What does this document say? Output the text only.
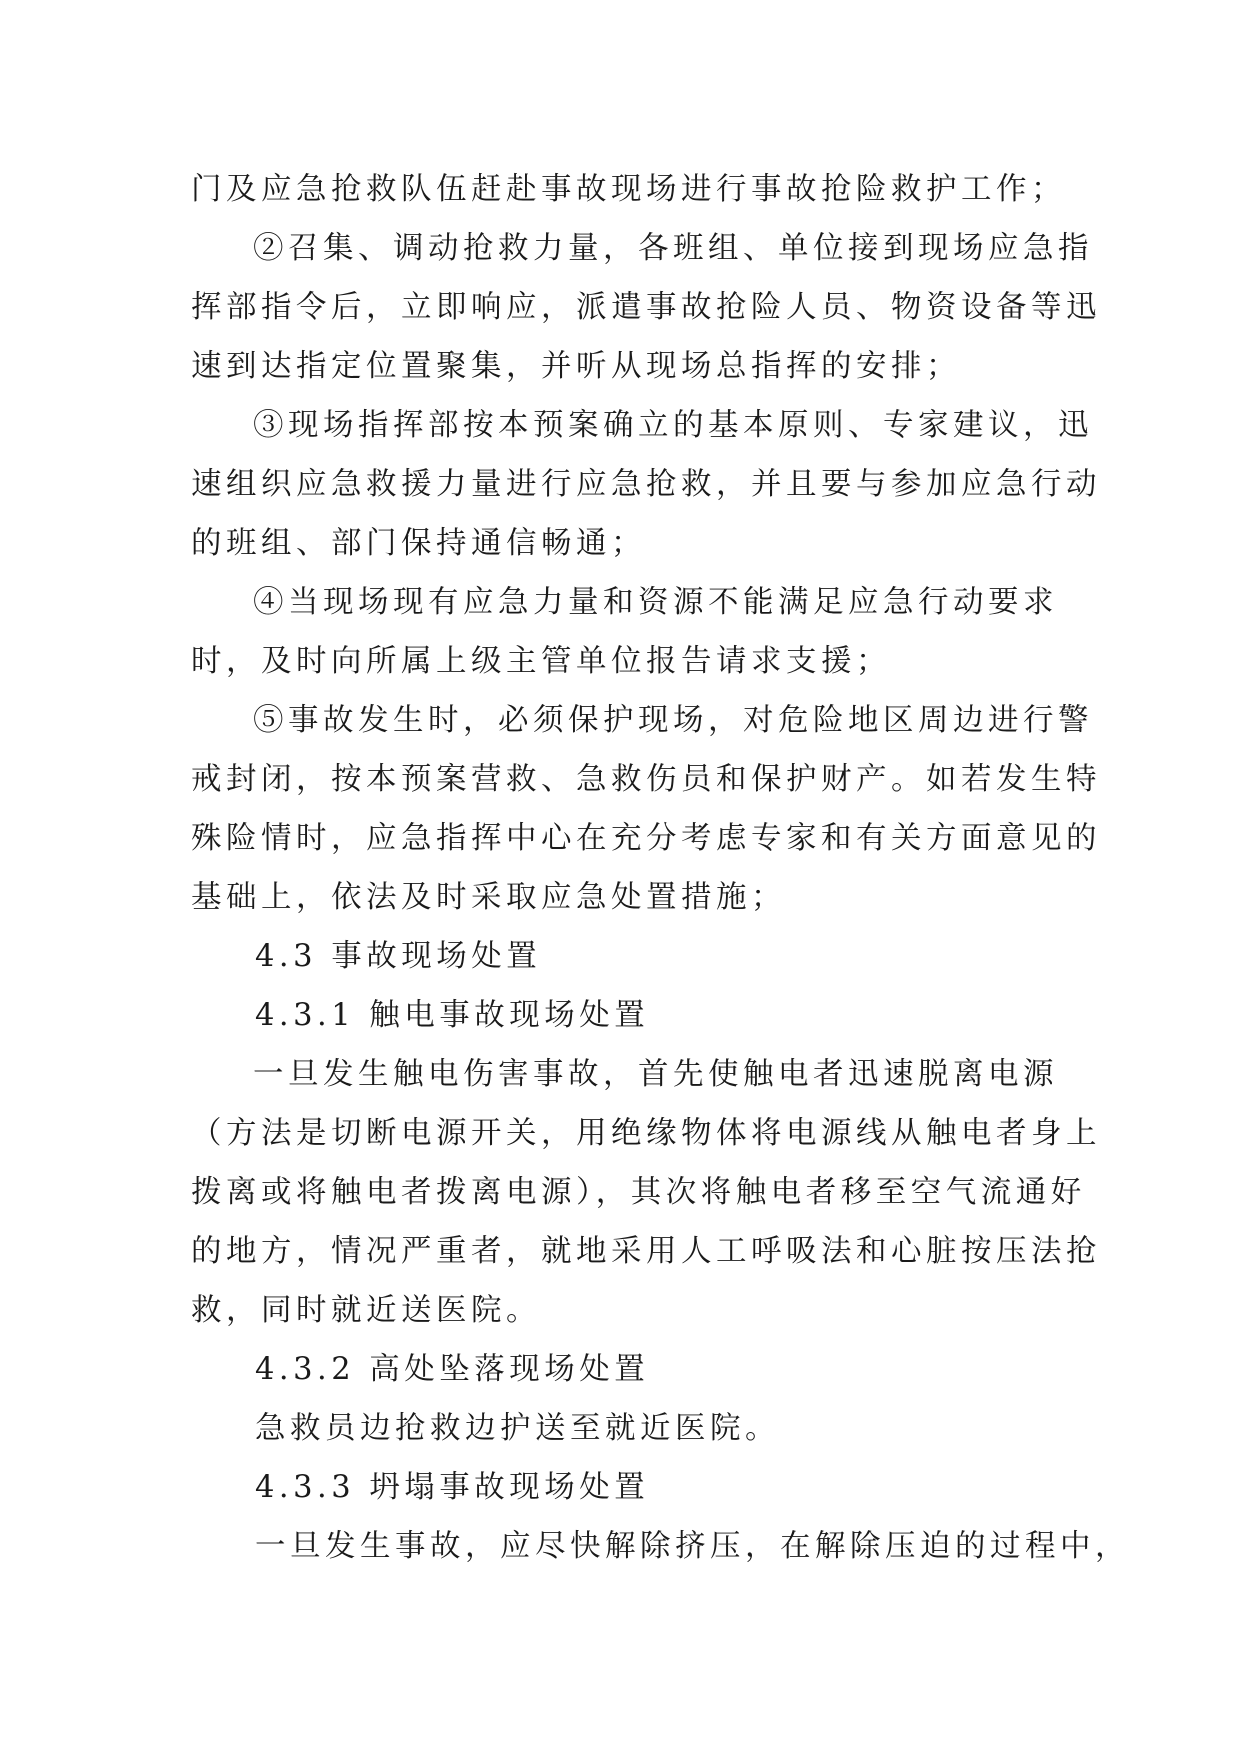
门及应急抢救队伍赶赴事故现场进行事故抢险救护工作；
②召集、调动抢救力量，各班组、单位接到现场应急指
挥部指令后，立即响应，派遣事故抢险人员、物资设备等迅
速到达指定位置聚集，并听从现场总指挥的安排；
③现场指挥部按本预案确立的基本原则、专家建议，迅
速组织应急救援力量进行应急抢救，并且要与参加应急行动
的班组、部门保持通信畅通；
④当现场现有应急力量和资源不能满足应急行动要求
时，及时向所属上级主管单位报告请求支援；
⑤事故发生时，必须保护现场，对危险地区周边进行警
戒封闭，按本预案营救、急救伤员和保护财产。如若发生特
殊险情时，应急指挥中心在充分考虑专家和有关方面意见的
基础上，依法及时采取应急处置措施；
4.3 事故现场处置
4.3.1 触电事故现场处置
一旦发生触电伤害事故，首先使触电者迅速脱离电源
（方法是切断电源开关，用绝缘物体将电源线从触电者身上
拨离或将触电者拨离电源），其次将触电者移至空气流通好
的地方，情况严重者，就地采用人工呼吸法和心脏按压法抢
救，同时就近送医院。
4.3.2 高处坠落现场处置
急救员边抢救边护送至就近医院。
4.3.3 坍塌事故现场处置
一旦发生事故，应尽快解除挤压，在解除压迫的过程中，
